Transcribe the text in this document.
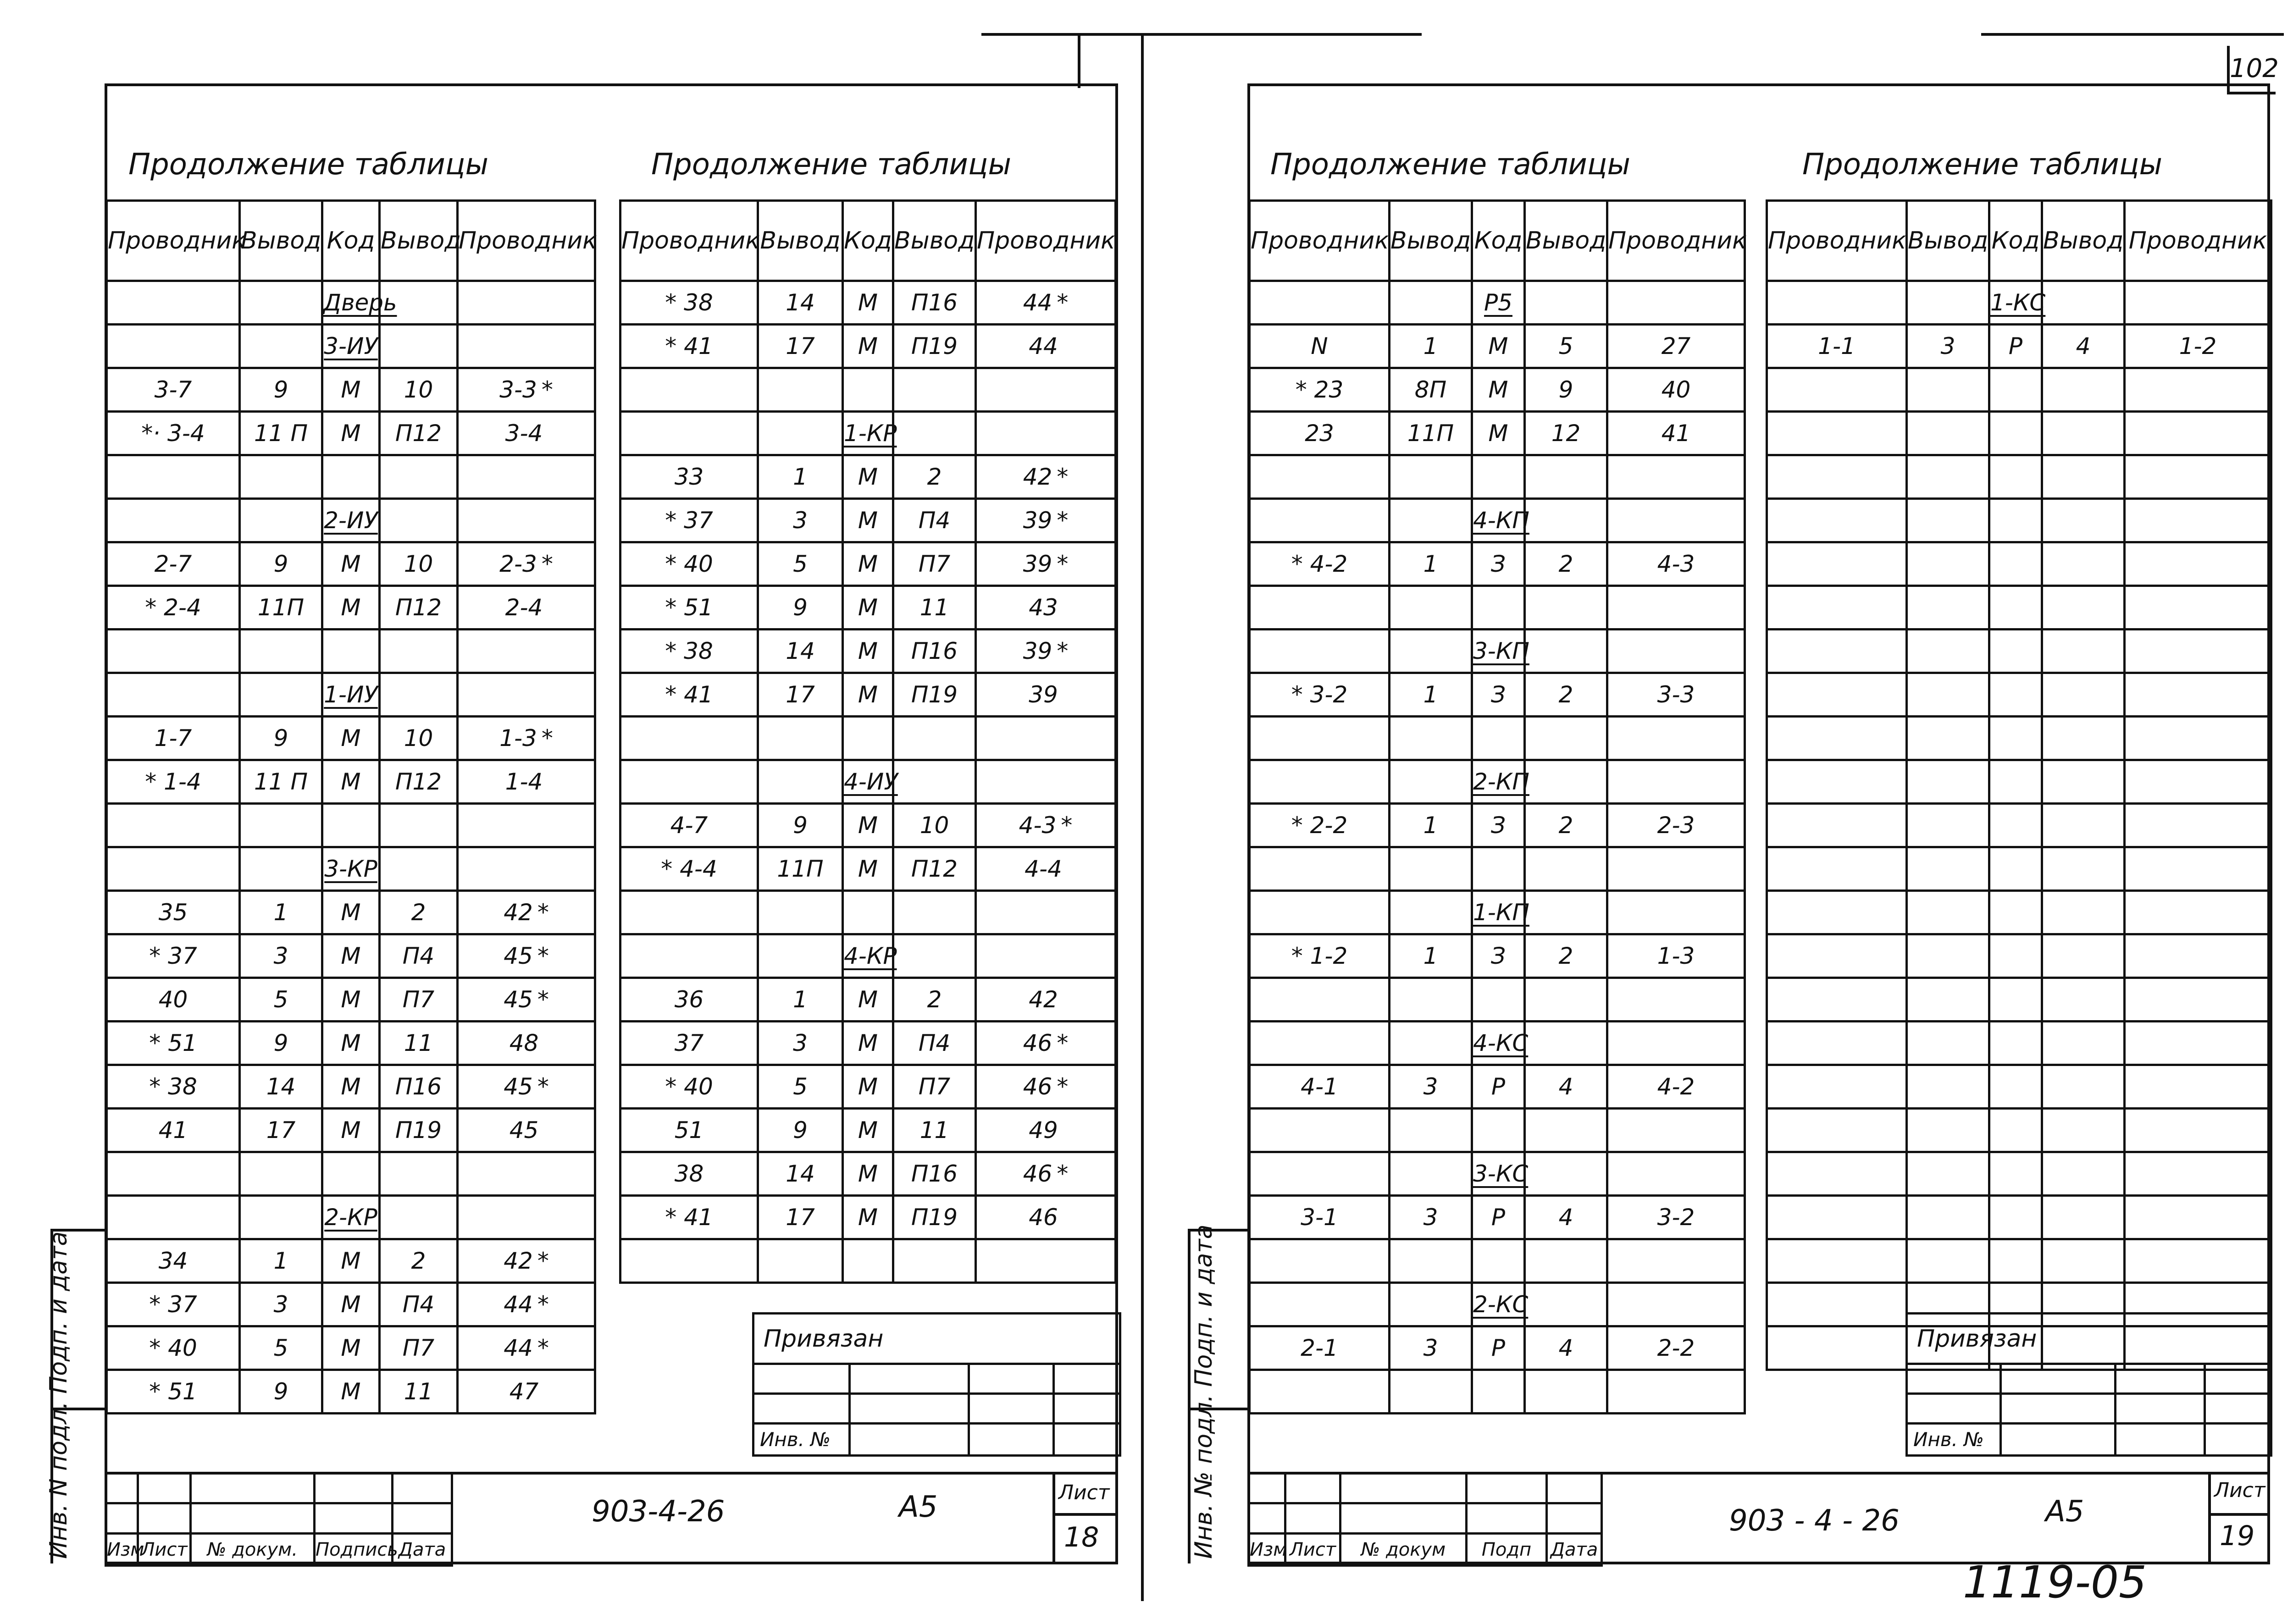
102
Продолжение таблицы	Продолжение таблицы
Проводник	Вывод	Код	Вывод	Проводник
		Дверь		
		3-ИУ		
3-7	9	М	10	3-3 *
*· 3-4	11 П	М	П12	3-4

		2-ИУ		
2-7	9	М	10	2-3 *
* 2-4	11П	М	П12	2-4

		1-ИУ		
1-7	9	М	10	1-3 *
* 1-4	11 П	М	П12	1-4

		3-КР		
35	1	М	2	42 *
* 37	3	М	П4	45 *
40	5	М	П7	45 *
* 51	9	М	11	48
* 38	14	М	П16	45 *
41	17	М	П19	45

		2-КР		
34	1	М	2	42 *
* 37	3	М	П4	44 *
* 40	5	М	П7	44 *
* 51	9	М	11	47
Проводник	Вывод	Код	Вывод	Проводник
* 38	14	М	П16	44 *
* 41	17	М	П19	44

		1-КР		
33	1	М	2	42 *
* 37	3	М	П4	39 *
* 40	5	М	П7	39 *
* 51	9	М	11	43
* 38	14	М	П16	39 *
* 41	17	М	П19	39

		4-ИУ		
4-7	9	М	10	4-3 *
* 4-4	11П	М	П12	4-4

		4-КР		
36	1	М	2	42
37	3	М	П4	46 *
* 40	5	М	П7	46 *
51	9	М	11	49
38	14	М	П16	46 *
* 41	17	М	П19	46

Инв. N подл. Подп. и дата	Привязан			

Инв. №			

Изм	Лист	№ докум.	Подпись	Дата
903-4-26	А5	Лист
18
Продолжение таблицы	Продолжение таблицы
Проводник	Вывод	Код	Вывод	Проводник
		Р5		
N	1	М	5	27
* 23	8П	М	9	40
23	11П	М	12	41

		4-КП		
* 4-2	1	З	2	4-3

		3-КП		
* 3-2	1	З	2	3-3

		2-КП		
* 2-2	1	З	2	2-3

		1-КП		
* 1-2	1	З	2	1-3

		4-КС		
4-1	3	Р	4	4-2

		3-КС		
3-1	3	Р	4	3-2

		2-КС		
2-1	3	Р	4	2-2

Проводник	Вывод	Код	Вывод	Проводник
		1-КС		
1-1	3	Р	4	1-2

Инв. № подл. Подп. и дата	Привязан			

Инв. №			

Изм	Лист	№ докум	Подп	Дата
903 - 4 - 26	А5
Лист
19
1119-05
